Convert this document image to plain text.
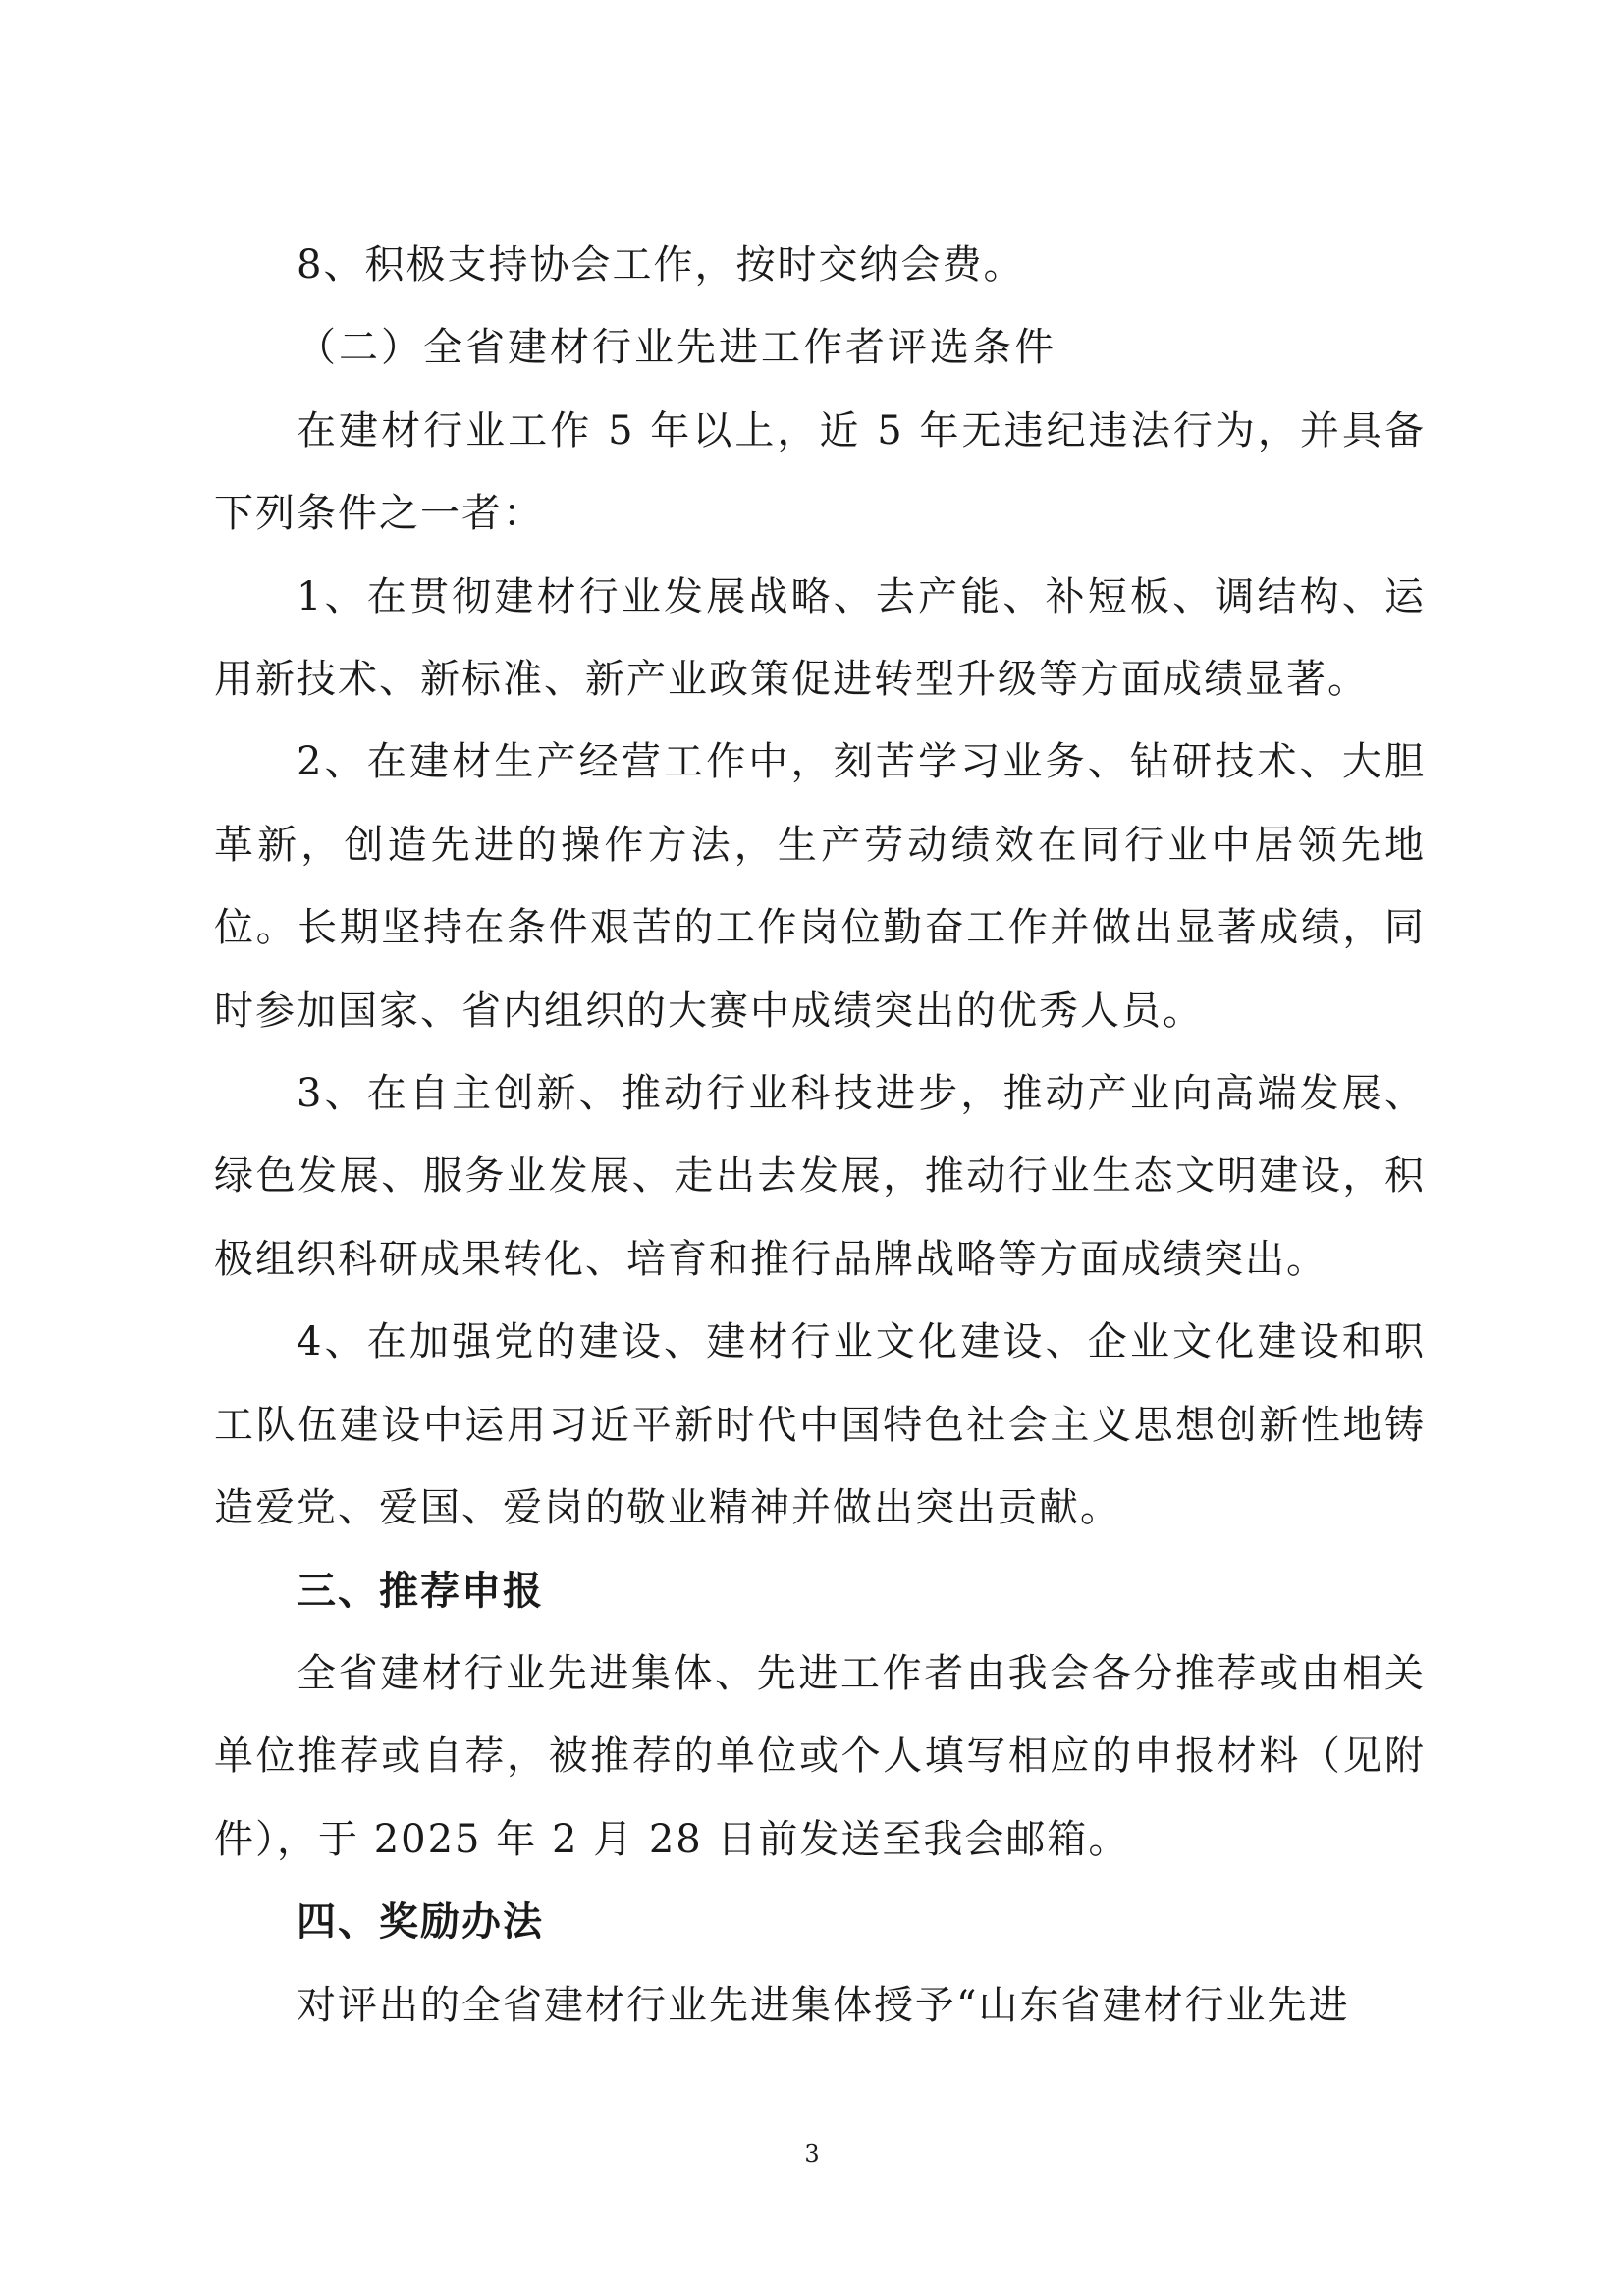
8、积极支持协会工作，按时交纳会费。

（二）全省建材行业先进工作者评选条件

在建材行业工作 5 年以上，近 5 年无违纪违法行为，并具备下列条件之一者：

1、在贯彻建材行业发展战略、去产能、补短板、调结构、运用新技术、新标准、新产业政策促进转型升级等方面成绩显著。

2、在建材生产经营工作中，刻苦学习业务、钻研技术、大胆革新，创造先进的操作方法，生产劳动绩效在同行业中居领先地位。长期坚持在条件艰苦的工作岗位勤奋工作并做出显著成绩，同时参加国家、省内组织的大赛中成绩突出的优秀人员。

3、在自主创新、推动行业科技进步，推动产业向高端发展、绿色发展、服务业发展、走出去发展，推动行业生态文明建设，积极组织科研成果转化、培育和推行品牌战略等方面成绩突出。

4、在加强党的建设、建材行业文化建设、企业文化建设和职工队伍建设中运用习近平新时代中国特色社会主义思想创新性地铸造爱党、爱国、爱岗的敬业精神并做出突出贡献。

三、推荐申报

全省建材行业先进集体、先进工作者由我会各分推荐或由相关单位推荐或自荐，被推荐的单位或个人填写相应的申报材料（见附件），于 2025 年 2 月 28 日前发送至我会邮箱。

四、奖励办法

对评出的全省建材行业先进集体授予“山东省建材行业先进

3
